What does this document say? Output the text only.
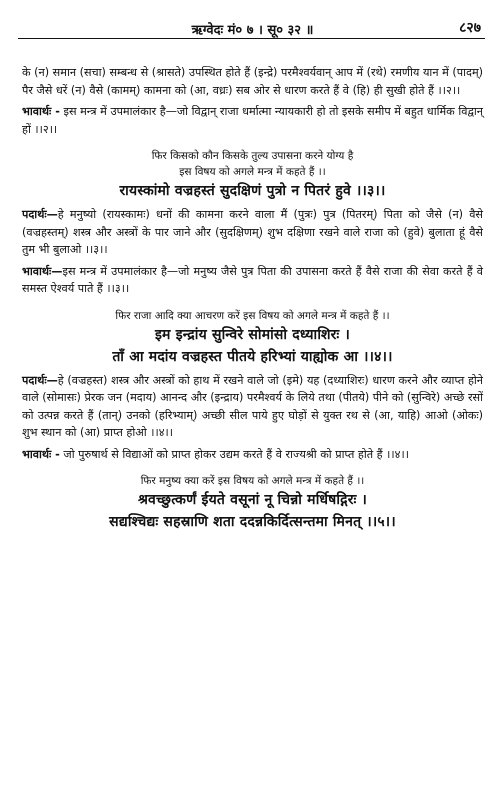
ऋग्वेदः मं० ७ । सू० ३२ ॥	८२७

के (न) समान (सचा) सम्बन्ध से (श्रासते) उपस्थित होते हैं (इन्द्रे) परमैश्वर्यवान् आप में (रथे) रमणीय यान में (पादम्) पैर जैसे धरें (न) वैसे (कामम्) कामना को (आ, वध्रः) सब ओर से धारण करते हैं वे (हि) ही सुखी होते हैं ।।२।।

भावार्थः - इस मन्त्र में उपमालंकार है—जो विद्वान् राजा धर्मात्मा न्यायकारी हो तो इसके समीप में बहुत धार्मिक विद्वान् हों ।।२।।

फिर किसको कौन किसके तुल्य उपासना करने योग्य है

इस विषय को अगले मन्त्र में कहते हैं ।।

रायस्कांमो वज्रहस्तं सुदक्षिणं पुत्रो न पितरं हुवे ।।३।।

पदार्थः—हे मनुष्यो (रायस्कामः) धनों की कामना करने वाला मैं (पुत्रः) पुत्र (पितरम्) पिता को जैसे (न) वैसे (वज्रहस्तम्) शस्त्र और अस्त्रों के पार जाने और (सुदक्षिणम्) शुभ दक्षिणा रखने वाले राजा को (हुवे) बुलाता हूं वैसे तुम भी बुलाओ ।।३।।

भावार्थः—इस मन्त्र में उपमालंकार है—जो मनुष्य जैसे पुत्र पिता की उपासना करते हैं वैसे राजा की सेवा करते हैं वे समस्त ऐश्वर्य पाते हैं ।।३।।

फिर राजा आदि क्या आचरण करें इस विषय को अगले मन्त्र में कहते हैं ।।

इम इन्द्रांय सुन्विरे सोमांसो दध्याशिरः ।

ताँ आ मदांय वज्रहस्त पीतये हरिभ्यां याह्योक आ ।।४।।

पदार्थः—हे (वज्रहस्त) शस्त्र और अस्त्रों को हाथ में रखने वाले जो (इमे) यह (दध्याशिरः) धारण करने और व्याप्त होने वाले (सोमासः) प्रेरक जन (मदाय) आनन्द और (इन्द्राय) परमैश्वर्य के लिये तथा (पीतये) पीने को (सुन्विरे) अच्छे रसों को उत्पन्न करते हैं (तान्) उनको (हरिभ्याम्) अच्छी सील पाये हुए घोड़ों से युक्त रथ से (आ, याहि) आओ (ओकः) शुभ स्थान को (आ) प्राप्त होओ ।।४।।

भावार्थः - जो पुरुषार्थ से विद्याओं को प्राप्त होकर उद्यम करते हैं वे राज्यश्री को प्राप्त होते हैं ।।४।।

फिर मनुष्य क्या करें इस विषय को अगले मन्त्र में कहते हैं ।।

श्रवच्छुत्कर्णं ईयते वसूनां नू चिन्नो मर्धिषद्गिरः ।

सद्यश्चिद्यः सहस्राणि शता ददन्नकिर्दित्सन्तमा मिनत् ।।५।।
